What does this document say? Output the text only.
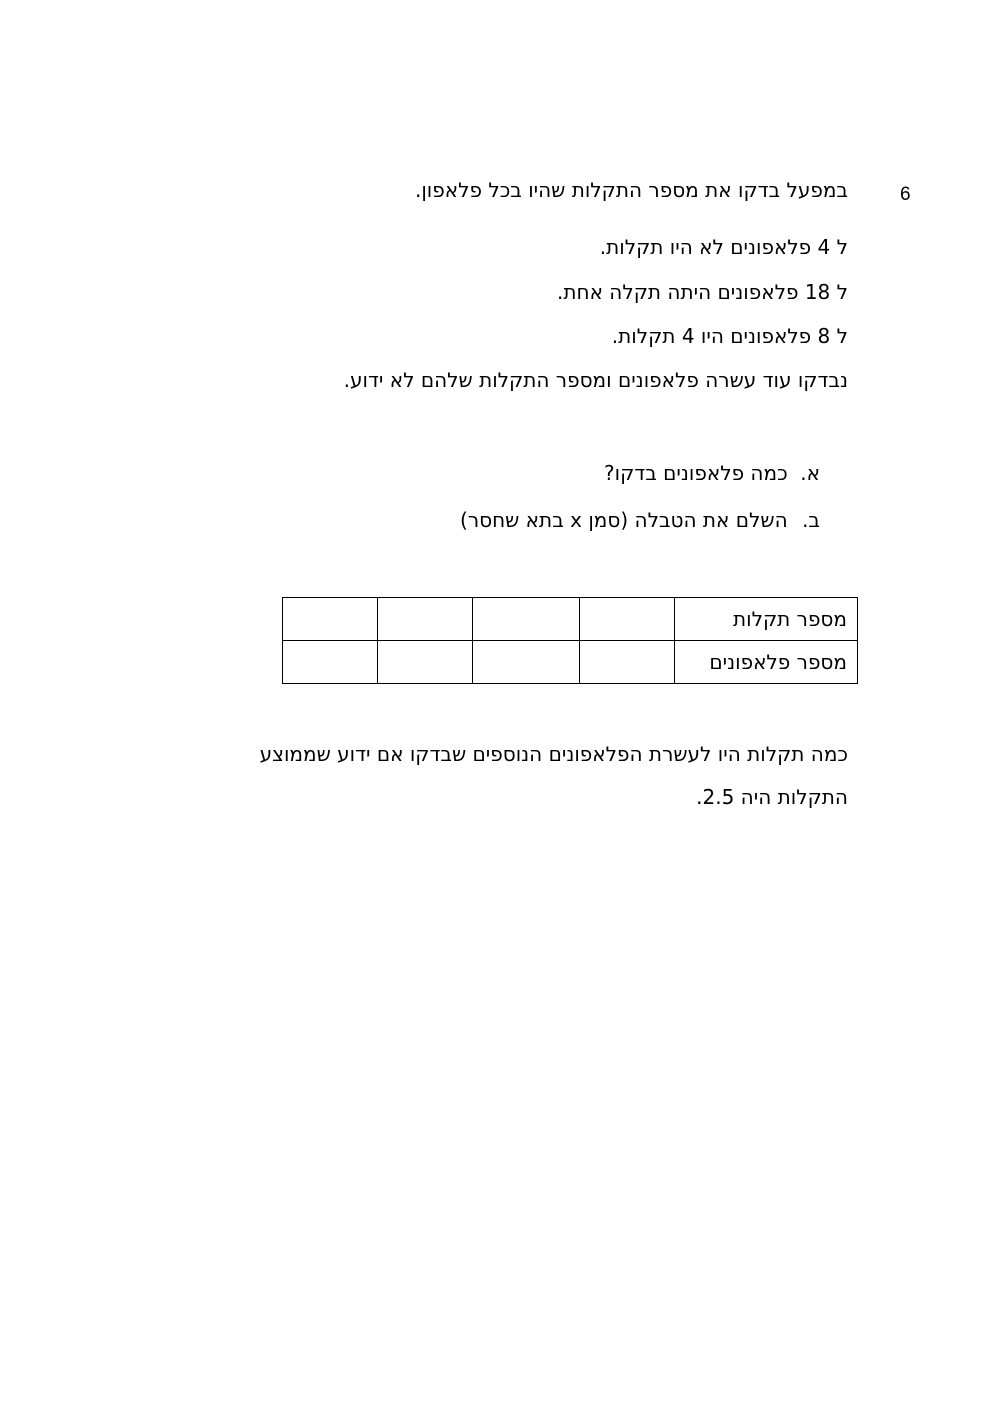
6
במפעל בדקו את מספר התקלות שהיו בכל פלאפון.
ל 4 פלאפונים לא היו תקלות.
ל 18 פלאפונים היתה תקלה אחת.
ל 8 פלאפונים היו 4 תקלות.
נבדקו עוד עשרה פלאפונים ומספר התקלות שלהם לא ידוע.
א. כמה פלאפונים בדקו?
ב. השלם את הטבלה (סמן x בתא שחסר)
מספר תקלות				
מספר פלאפונים				
כמה תקלות היו לעשרת הפלאפונים הנוספים שבדקו אם ידוע שממוצע
התקלות היה 2.5.
